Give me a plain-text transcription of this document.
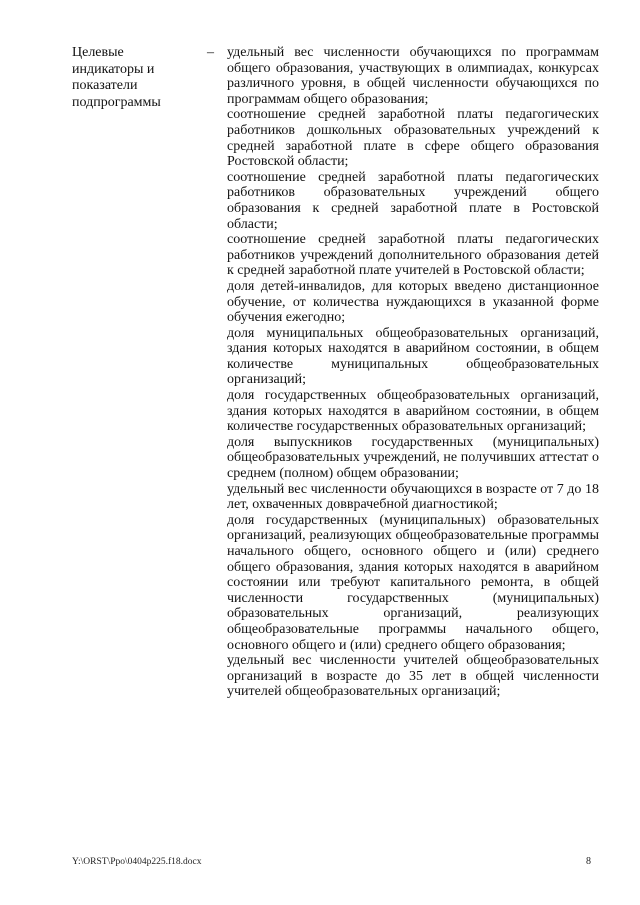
Целевые
индикаторы и
показатели
подпрограммы
– удельный вес численности обучающихся по программам общего образования, участвующих в олимпиадах, конкурсах различного уровня, в общей численности обучающихся по программам общего образования;

соотношение средней заработной платы педагогических работников дошкольных образовательных учреждений к средней заработной плате в сфере общего образования Ростовской области;

соотношение средней заработной платы педагогических работников образовательных учреждений общего образования к средней заработной плате в Ростовской области;

соотношение средней заработной платы педагогических работников учреждений дополнительного образования детей к средней заработной плате учителей в Ростовской области;

доля детей-инвалидов, для которых введено дистанционное обучение, от количества нуждающихся в указанной форме обучения ежегодно;

доля муниципальных общеобразовательных организаций, здания которых находятся в аварийном состоянии, в общем количестве муниципальных общеобразовательных организаций;

доля государственных общеобразовательных организаций, здания которых находятся в аварийном состоянии, в общем количестве государственных образовательных организаций;

доля выпускников государственных (муниципальных) общеобразовательных учреждений, не получивших аттестат о среднем (полном) общем образовании;

удельный вес численности обучающихся в возрасте от 7 до 18 лет, охваченных довврачебной диагностикой;

доля государственных (муниципальных) образовательных организаций, реализующих общеобразовательные программы начального общего, основного общего и (или) среднего общего образования, здания которых находятся в аварийном состоянии или требуют капитального ремонта, в общей численности государственных (муниципальных) образовательных организаций, реализующих общеобразовательные программы начального общего, основного общего и (или) среднего общего образования;

удельный вес численности учителей общеобразовательных организаций в возрасте до 35 лет в общей численности учителей общеобразовательных организаций;

Y:\ORST\Ppo\0404p225.f18.docx	8
